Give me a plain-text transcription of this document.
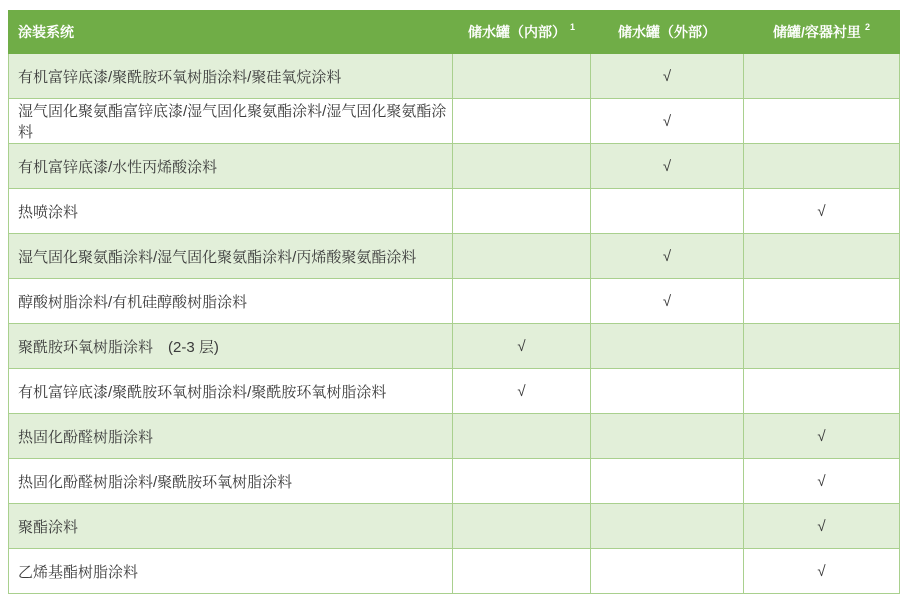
涂装系统	储水罐（内部） $^1$	储水罐（外部）	储罐/容器衬里 $^2$
有机富锌底漆/聚酰胺环氧树脂涂料/聚硅氧烷涂料		√	
湿气固化聚氨酯富锌底漆/湿气固化聚氨酯涂料/湿气固化聚氨酯涂料		√	
有机富锌底漆/水性丙烯酸涂料		√	
热喷涂料			√
湿气固化聚氨酯涂料/湿气固化聚氨酯涂料/丙烯酸聚氨酯涂料		√	
醇酸树脂涂料/有机硅醇酸树脂涂料		√	
聚酰胺环氧树脂涂料　(2-3 层)	√		
有机富锌底漆/聚酰胺环氧树脂涂料/聚酰胺环氧树脂涂料	√		
热固化酚醛树脂涂料			√
热固化酚醛树脂涂料/聚酰胺环氧树脂涂料			√
聚酯涂料			√
乙烯基酯树脂涂料			√
